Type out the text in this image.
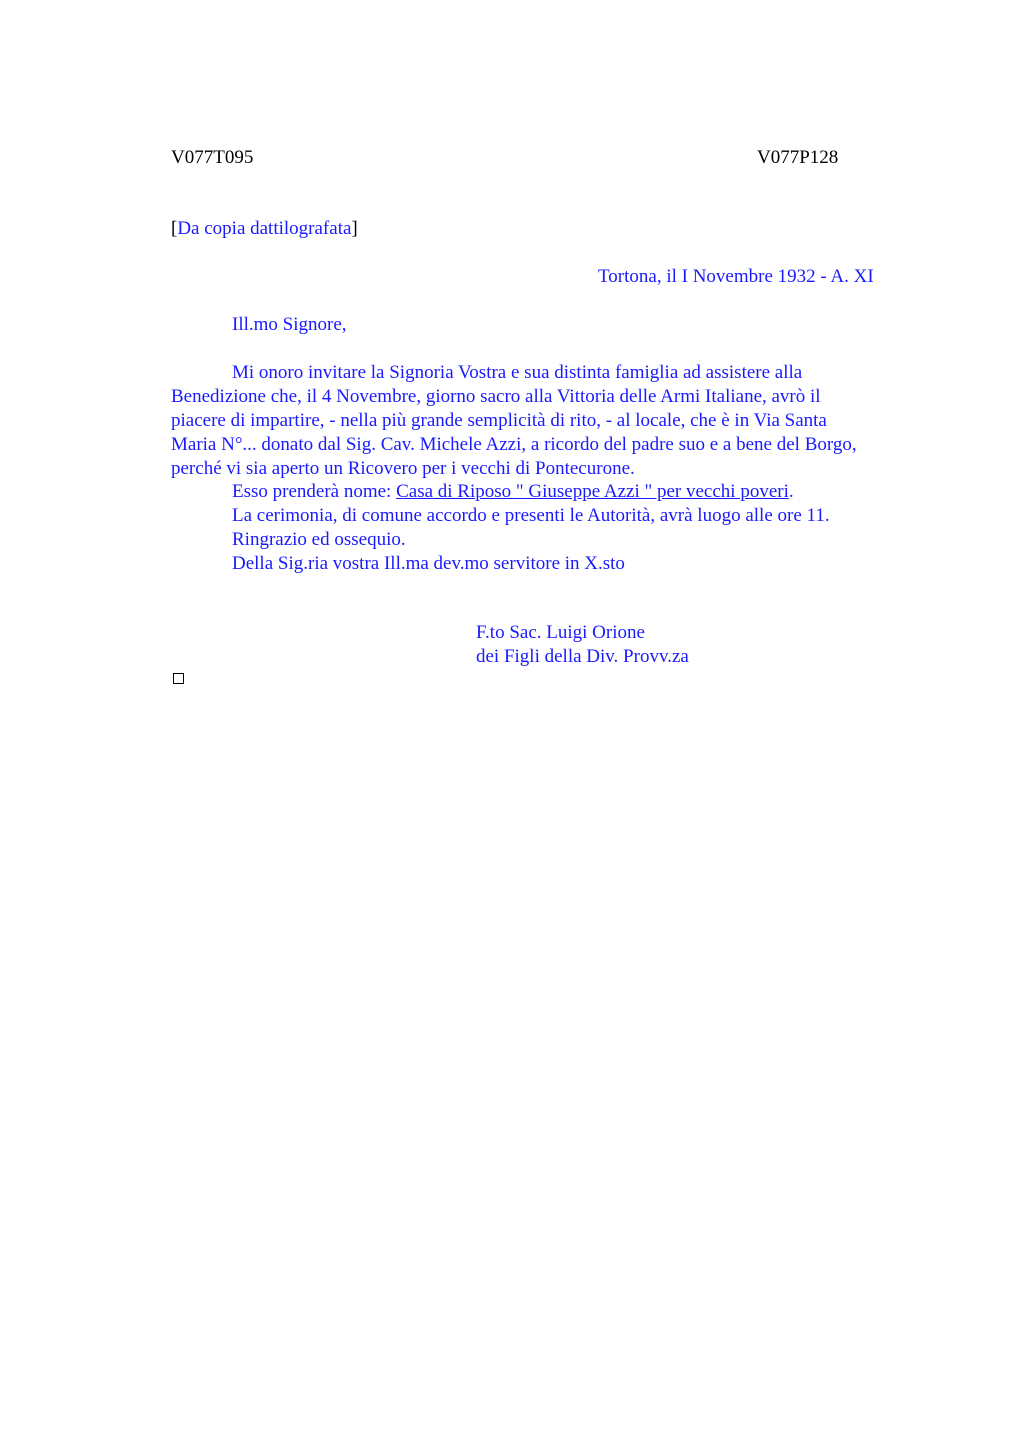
V077T095	V077P128
[Da copia dattilografata]
Tortona, il I Novembre 1932 - A. XI
Ill.mo Signore,
Mi onoro invitare la Signoria Vostra e sua distinta famiglia ad assistere alla
Benedizione che, il 4 Novembre, giorno sacro alla Vittoria delle Armi Italiane, avrò il
piacere di impartire, - nella più grande semplicità di rito, - al locale, che è in Via Santa
Maria N°... donato dal Sig. Cav. Michele Azzi, a ricordo del padre suo e a bene del Borgo,
perché vi sia aperto un Ricovero per i vecchi di Pontecurone.
Esso prenderà nome: Casa di Riposo " Giuseppe Azzi " per vecchi poveri.
La cerimonia, di comune accordo e presenti le Autorità, avrà luogo alle ore 11.
Ringrazio ed ossequio.
Della Sig.ria vostra Ill.ma dev.mo servitore in X.sto
F.to Sac. Luigi Orione
dei Figli della Div. Provv.za
